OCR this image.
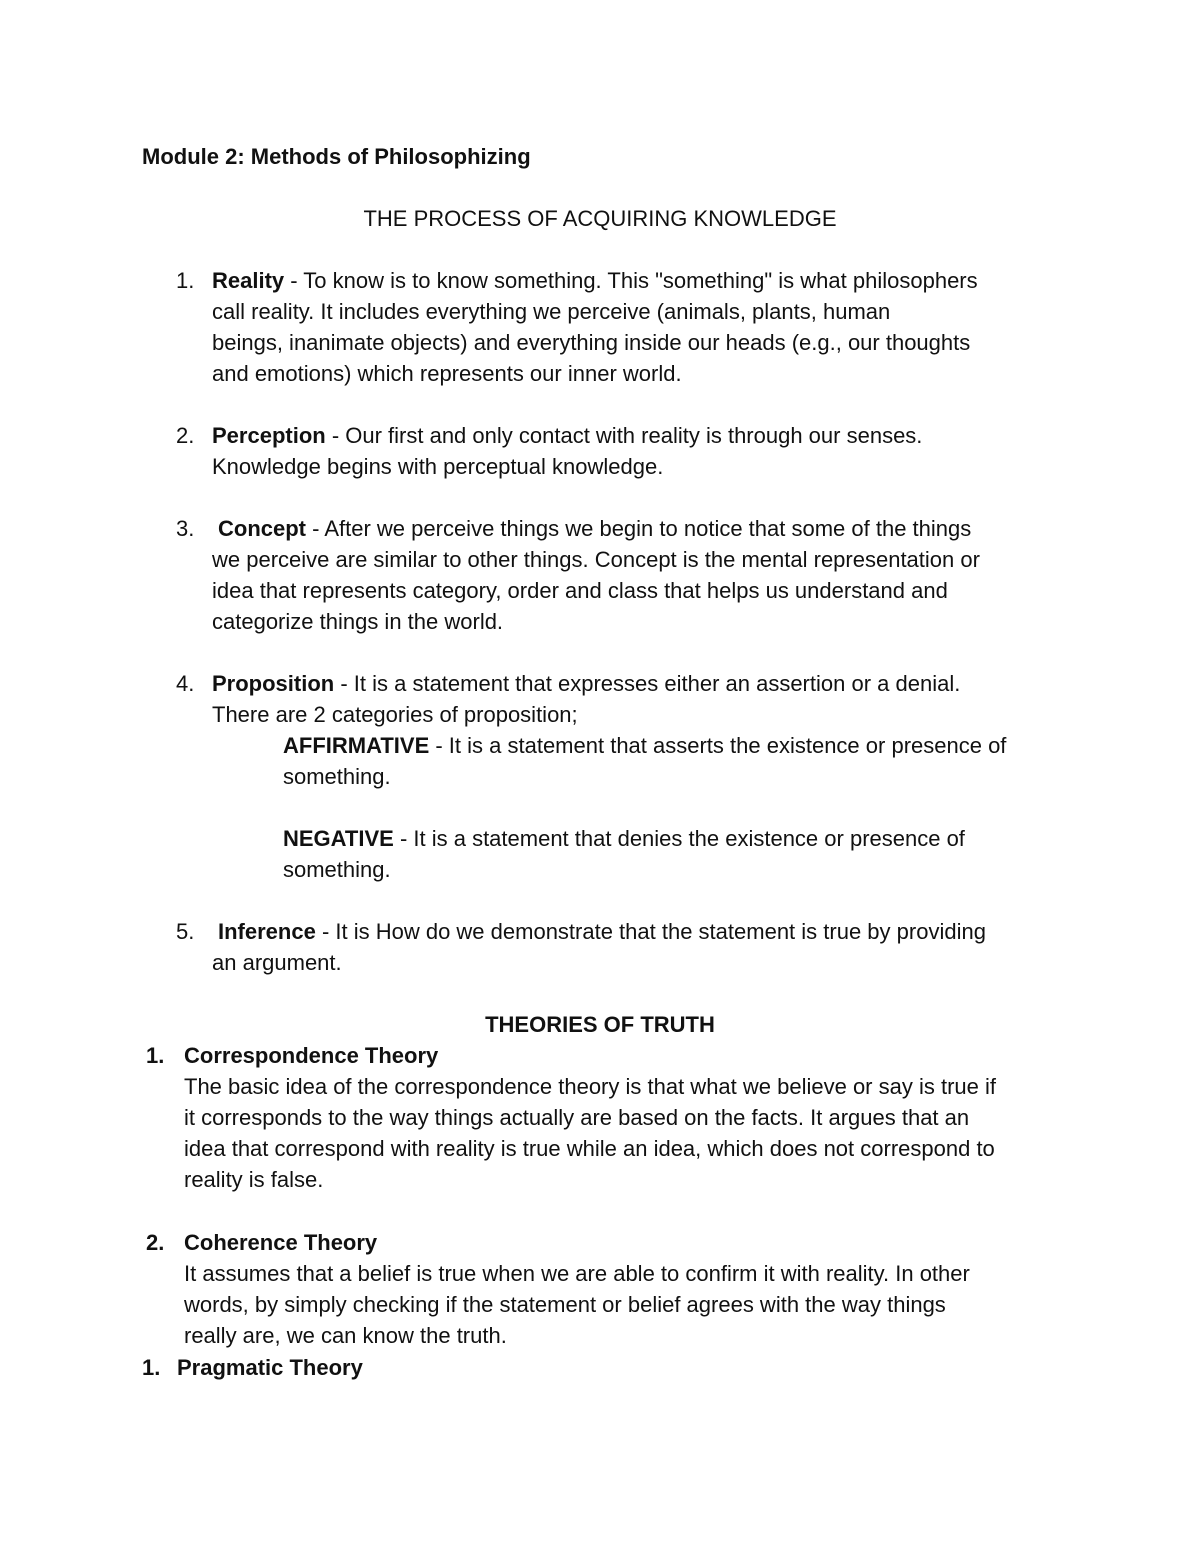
Module 2: Methods of Philosophizing
THE PROCESS OF ACQUIRING KNOWLEDGE
1. Reality - To know is to know something. This "something" is what philosophers
call reality. It includes everything we perceive (animals, plants, human
beings, inanimate objects) and everything inside our heads (e.g., our thoughts
and emotions) which represents our inner world.
2. Perception - Our first and only contact with reality is through our senses.
Knowledge begins with perceptual knowledge.
3. Concept - After we perceive things we begin to notice that some of the things
we perceive are similar to other things. Concept is the mental representation or
idea that represents category, order and class that helps us understand and
categorize things in the world.
4. Proposition - It is a statement that expresses either an assertion or a denial.
There are 2 categories of proposition;
AFFIRMATIVE - It is a statement that asserts the existence or presence of
something.
NEGATIVE - It is a statement that denies the existence or presence of
something.
5. Inference - It is How do we demonstrate that the statement is true by providing
an argument.
THEORIES OF TRUTH
1. Correspondence Theory
The basic idea of the correspondence theory is that what we believe or say is true if
it corresponds to the way things actually are based on the facts. It argues that an
idea that correspond with reality is true while an idea, which does not correspond to
reality is false.
2. Coherence Theory
It assumes that a belief is true when we are able to confirm it with reality. In other
words, by simply checking if the statement or belief agrees with the way things
really are, we can know the truth.
1. Pragmatic Theory
